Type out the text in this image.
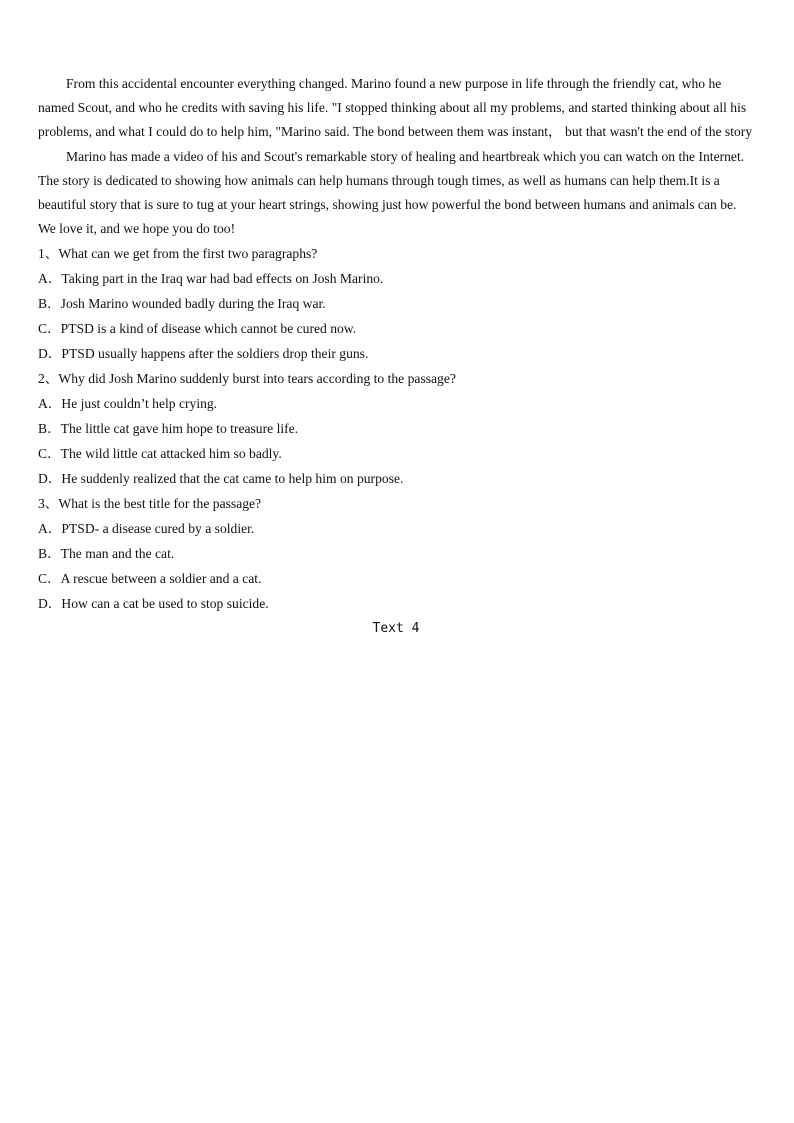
From this accidental encounter everything changed. Marino found a new purpose in life through the friendly cat, who he named Scout, and who he credits with saving his life. "I stopped thinking about all my problems, and started thinking about all his problems, and what I could do to help him, "Marino said. The bond between them was instant， but that wasn't the end of the story

Marino has made a video of his and Scout's remarkable story of healing and heartbreak which you can watch on the Internet. The story is dedicated to showing how animals can help humans through tough times, as well as humans can help them.It is a beautiful story that is sure to tug at your heart strings, showing just how powerful the bond between humans and animals can be. We love it, and we hope you do too!

1、What can we get from the first two paragraphs?

A．Taking part in the Iraq war had bad effects on Josh Marino.

B．Josh Marino wounded badly during the Iraq war.

C．PTSD is a kind of disease which cannot be cured now.

D．PTSD usually happens after the soldiers drop their guns.

2、Why did Josh Marino suddenly burst into tears according to the passage?

A．He just couldn’t help crying.

B．The little cat gave him hope to treasure life.

C．The wild little cat attacked him so badly.

D．He suddenly realized that the cat came to help him on purpose.

3、What is the best title for the passage?

A．PTSD- a disease cured by a soldier.

B．The man and the cat.

C．A rescue between a soldier and a cat.

D．How can a cat be used to stop suicide.

Text 4
